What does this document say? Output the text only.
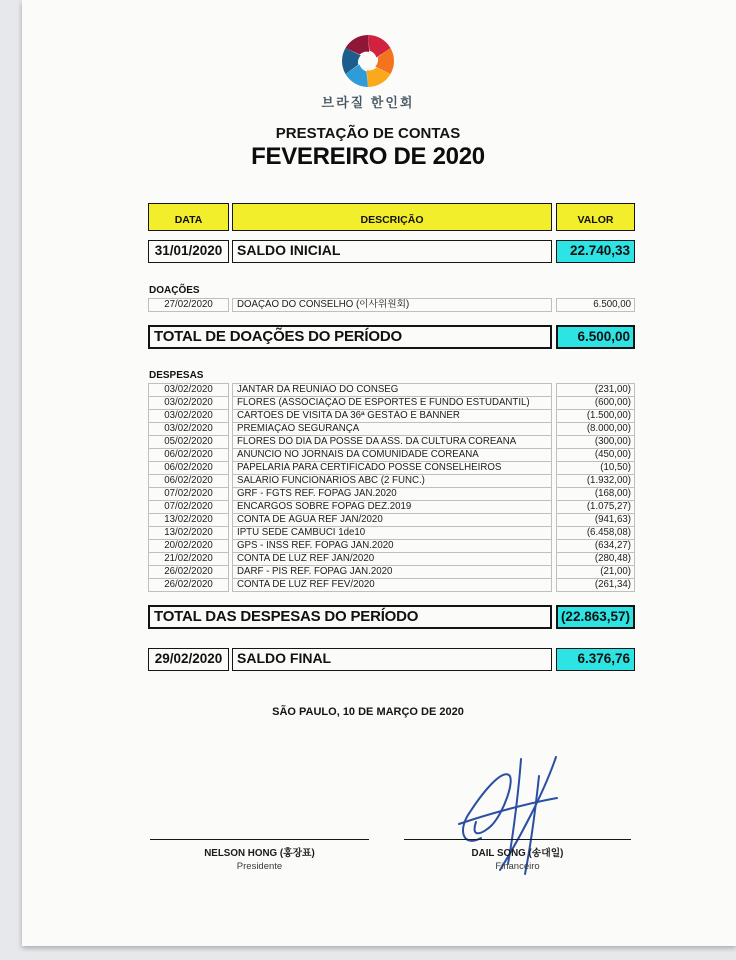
브라질 한인회
PRESTAÇÃO DE CONTAS
FEVEREIRO DE 2020
DATA	DESCRIÇÃO	VALOR
31/01/2020	SALDO INICIAL	22.740,33
DOAÇÕES
27/02/2020	DOAÇÃO DO CONSELHO (이사위원회)	6.500,00
TOTAL DE DOAÇÕES DO PERÍODO	6.500,00
DESPESAS
03/02/2020	JANTAR DA REUNIÃO DO CONSEG	(231,00)
03/02/2020	FLORES (ASSOCIAÇÃO DE ESPORTES E FUNDO ESTUDANTIL)	(600,00)
03/02/2020	CARTÕES DE VISITA DA 36ª GESTÃO E BANNER	(1.500,00)
03/02/2020	PREMIAÇÃO SEGURANÇA	(8.000,00)
05/02/2020	FLORES DO DIA DA POSSE DA ASS. DA CULTURA COREANA	(300,00)
06/02/2020	ANÚNCIO NO JORNAIS DA COMUNIDADE COREANA	(450,00)
06/02/2020	PAPELARIA PARA CERTIFICADO POSSE CONSELHEIROS	(10,50)
06/02/2020	SALÁRIO FUNCIONÁRIOS ABC (2 FUNC.)	(1.932,00)
07/02/2020	GRF - FGTS REF. FOPAG JAN.2020	(168,00)
07/02/2020	ENCARGOS SOBRE FOPAG DEZ.2019	(1.075,27)
13/02/2020	CONTA DE ÁGUA REF JAN/2020	(941,63)
13/02/2020	IPTU SEDE CAMBUCI 1de10	(6.458,08)
20/02/2020	GPS - INSS REF. FOPAG JAN.2020	(634,27)
21/02/2020	CONTA DE LUZ REF JAN/2020	(280,48)
26/02/2020	DARF - PIS REF. FOPAG JAN.2020	(21,00)
26/02/2020	CONTA DE LUZ REF FEV/2020	(261,34)
TOTAL DAS DESPESAS DO PERÍODO	(22.863,57)
29/02/2020	SALDO FINAL	6.376,76
SÃO PAULO, 10 DE MARÇO DE 2020
NELSON HONG (홍장표)
Presidente
DAIL SONG (송대일)
Financeiro
